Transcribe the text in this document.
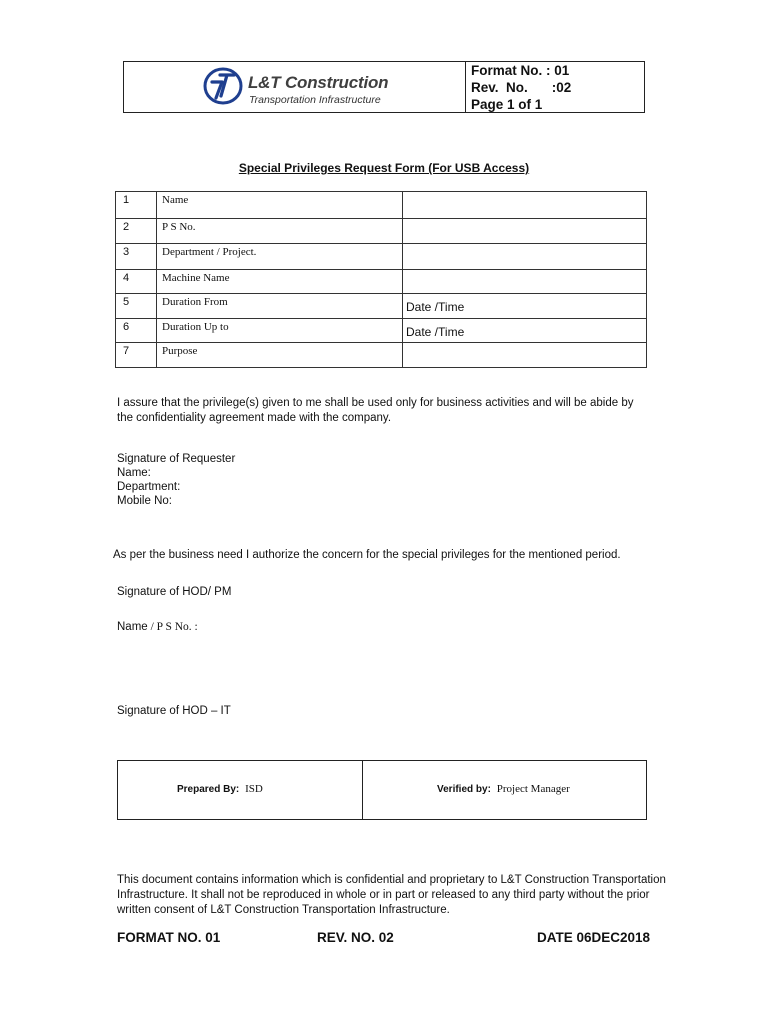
L&T Construction
Transportation Infrastructure
Format No. : 01
Rev.  No. :02
Page 1 of 1
Special Privileges Request Form (For USB Access)
1	Name	
2	P S No.	
3	Department / Project.	
4	Machine Name	
5	Duration From	Date /Time
6	Duration Up to	Date /Time
7	Purpose	
I assure that the privilege(s) given to me shall be used only for business activities and will be abide by
the confidentiality agreement made with the company.
Signature of Requester
Name:
Department:
Mobile No:
As per the business need I authorize the concern for the special privileges for the mentioned period.
Signature of HOD/ PM
Name / P S No. :
Signature of HOD – IT
Prepared By: ISD	Verified by: Project Manager
This document contains information which is confidential and proprietary to L&T Construction Transportation
Infrastructure. It shall not be reproduced in whole or in part or released to any third party without the prior
written consent of L&T Construction Transportation Infrastructure.
FORMAT NO. 01	REV. NO. 02	DATE 06DEC2018
